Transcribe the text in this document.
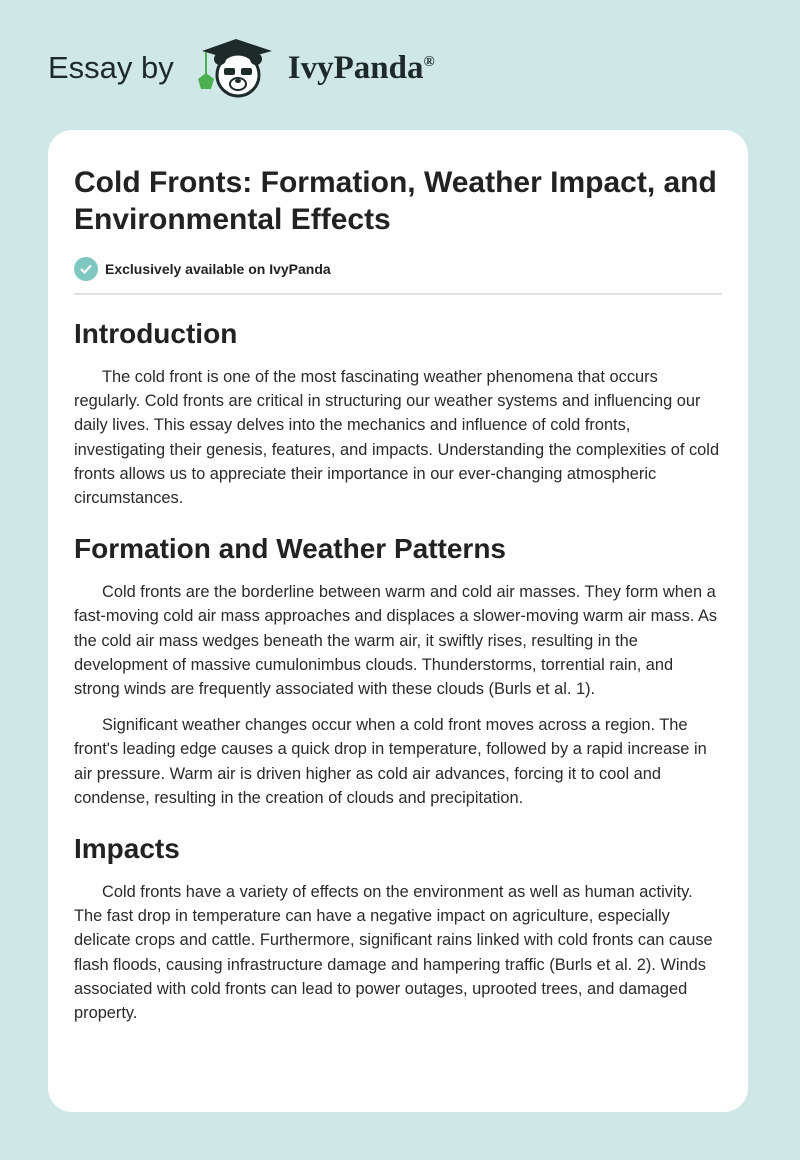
Essay by	IvyPanda®
Cold Fronts: Formation, Weather Impact, and Environmental Effects
Exclusively available on IvyPanda
Introduction

The cold front is one of the most fascinating weather phenomena that occurs regularly. Cold fronts are critical in structuring our weather systems and influencing our daily lives. This essay delves into the mechanics and influence of cold fronts, investigating their genesis, features, and impacts. Understanding the complexities of cold fronts allows us to appreciate their importance in our ever-changing atmospheric circumstances.

Formation and Weather Patterns

Cold fronts are the borderline between warm and cold air masses. They form when a fast-moving cold air mass approaches and displaces a slower-moving warm air mass. As the cold air mass wedges beneath the warm air, it swiftly rises, resulting in the development of massive cumulonimbus clouds. Thunderstorms, torrential rain, and strong winds are frequently associated with these clouds (Burls et al. 1).

Significant weather changes occur when a cold front moves across a region. The front's leading edge causes a quick drop in temperature, followed by a rapid increase in air pressure. Warm air is driven higher as cold air advances, forcing it to cool and condense, resulting in the creation of clouds and precipitation.

Impacts

Cold fronts have a variety of effects on the environment as well as human activity. The fast drop in temperature can have a negative impact on agriculture, especially delicate crops and cattle. Furthermore, significant rains linked with cold fronts can cause flash floods, causing infrastructure damage and hampering traffic (Burls et al. 2). Winds associated with cold fronts can lead to power outages, uprooted trees, and damaged property.
